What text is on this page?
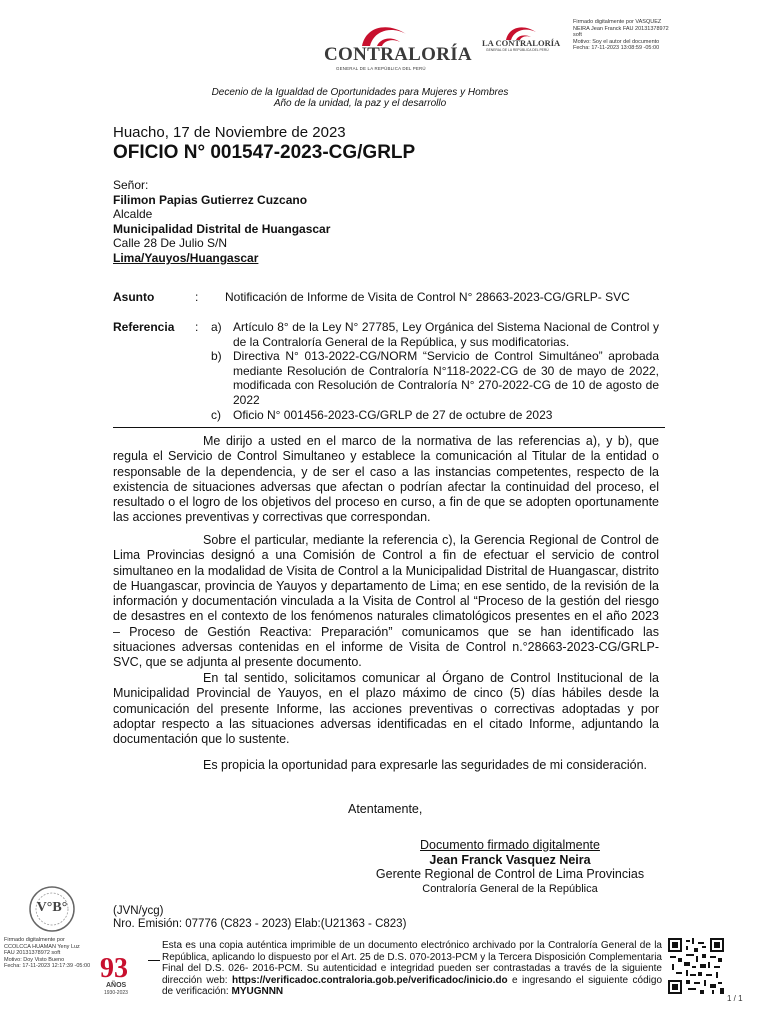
CONTRALORÍA
GENERAL DE LA REPÚBLICA DEL PERÚ
LA CONTRALORÍA
GENERAL DE LA REPÚBLICA DEL PERÚ
Firmado digitalmente por VASQUEZ
NEIRA Jean Franck FAU 20131378972
soft
Motivo: Soy el autor del documento
Fecha: 17-11-2023 13:08:59 -05:00
Decenio de la Igualdad de Oportunidades para Mujeres y Hombres
Año de la unidad, la paz y el desarrollo
Huacho, 17 de Noviembre de 2023
OFICIO N° 001547-2023-CG/GRLP
Señor:
Filimon Papias Gutierrez Cuzcano
Alcalde
Municipalidad Distrital de Huangascar
Calle 28 De Julio S/N
Lima/Yauyos/Huangascar
Asunto	:	Notificación de Informe de Visita de Control N° 28663-2023-CG/GRLP- SVC
Referencia	:	a) Artículo 8° de la Ley N° 27785, Ley Orgánica del Sistema Nacional de Control y de la Contraloría General de la República, y sus modificatorias.
b) Directiva N° 013-2022-CG/NORM “Servicio de Control Simultáneo” aprobada mediante Resolución de Contraloría N°118-2022-CG de 30 de mayo de 2022, modificada con Resolución de Contraloría N° 270-2022-CG de 10 de agosto de 2022
c)	Oficio N° 001456-2023-CG/GRLP de 27 de octubre de 2023
Me dirijo a usted en el marco de la normativa de las referencias a), y b), que regula el Servicio de Control Simultaneo y establece la comunicación al Titular de la entidad o responsable de la dependencia, y de ser el caso a las instancias competentes, respecto de la existencia de situaciones adversas que afectan o podrían afectar la continuidad del proceso, el resultado o el logro de los objetivos del proceso en curso, a fin de que se adopten oportunamente las acciones preventivas y correctivas que correspondan.
Sobre el particular, mediante la referencia c), la Gerencia Regional de Control de Lima Provincias designó a una Comisión de Control a fin de efectuar el servicio de control simultaneo en la modalidad de Visita de Control a la Municipalidad Distrital de Huangascar, distrito de Huangascar, provincia de Yauyos y departamento de Lima; en ese sentido, de la revisión de la información y documentación vinculada a la Visita de Control al “Proceso de la gestión del riesgo de desastres en el contexto de los fenómenos naturales climatológicos presentes en el año 2023 – Proceso de Gestión Reactiva: Preparación” comunicamos que se han identificado las situaciones adversas contenidas en el informe de Visita de Control n.°28663-2023-CG/GRLP-SVC, que se adjunta al presente documento.
En tal sentido, solicitamos comunicar al Órgano de Control Institucional de la Municipalidad Provincial de Yauyos, en el plazo máximo de cinco (5) días hábiles desde la comunicación del presente Informe, las acciones preventivas o correctivas adoptadas y por adoptar respecto a las situaciones adversas identificadas en el citado Informe, adjuntando la documentación que lo sustente.
Es propicia la oportunidad para expresarle las seguridades de mi consideración.
Atentamente,
Documento firmado digitalmente
Jean Franck Vasquez Neira
Gerente Regional de Control de Lima Provincias
Contraloría General de la República
V°B°	(JVN/ycg)
Nro. Emisión: 07776 (C823 - 2023) Elab:(U21363 - C823)
Firmado digitalmente por
CCOLCCA HUAMAN Yeny Luz
FAU 20131378972 soft
Motivo: Doy Visto Bueno
Fecha: 17-11-2023 12:17:39 -05:00 93
AÑOS
1930-2023
Esta es una copia auténtica imprimible de un documento electrónico archivado por la Contraloría General de la República, aplicando lo dispuesto por el Art. 25 de D.S. 070-2013-PCM y la Tercera Disposición Complementaria Final del D.S. 026- 2016-PCM. Su autenticidad e integridad pueden ser contrastadas a través de la siguiente dirección web: https://verificadoc.contraloria.gob.pe/verificadoc/inicio.do e ingresando el siguiente código de verificación: MYUGNNN
1 / 1
